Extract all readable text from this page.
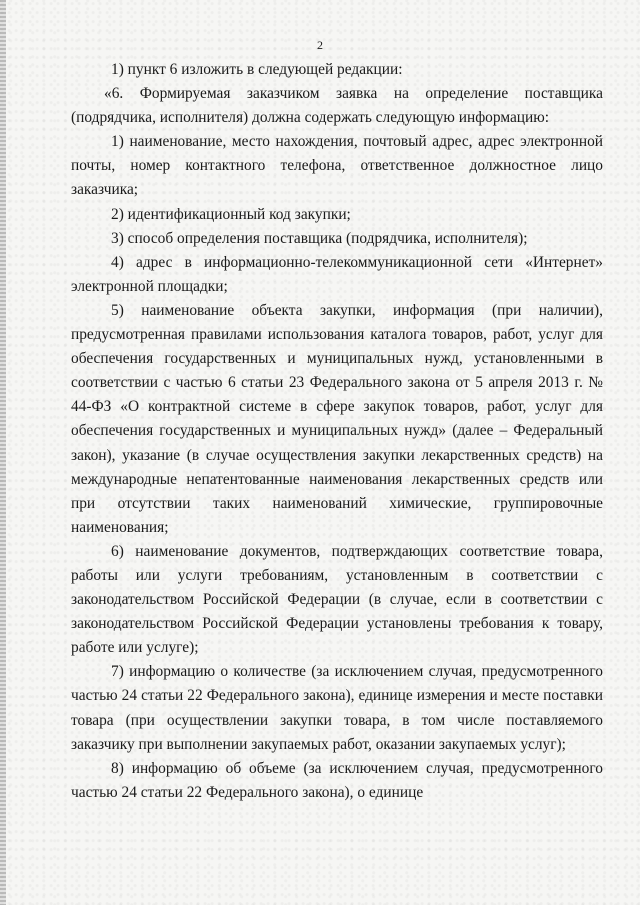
2

1) пункт 6 изложить в следующей редакции:

«6. Формируемая заказчиком заявка на определение поставщика (подрядчика, исполнителя) должна содержать следующую информацию:

1) наименование, место нахождения, почтовый адрес, адрес электронной почты, номер контактного телефона, ответственное должностное лицо заказчика;

2) идентификационный код закупки;

3) способ определения поставщика (подрядчика, исполнителя);

4) адрес в информационно-телекоммуникационной сети «Интернет» электронной площадки;

5) наименование объекта закупки, информация (при наличии), предусмотренная правилами использования каталога товаров, работ, услуг для обеспечения государственных и муниципальных нужд, установленными в соответствии с частью 6 статьи 23 Федерального закона от 5 апреля 2013 г. № 44-ФЗ «О контрактной системе в сфере закупок товаров, работ, услуг для обеспечения государственных и муниципальных нужд» (далее – Федеральный закон), указание (в случае осуществления закупки лекарственных средств) на международные непатентованные наименования лекарственных средств или при отсутствии таких наименований химические, группировочные наименования;

6) наименование документов, подтверждающих соответствие товара, работы или услуги требованиям, установленным в соответствии с законодательством Российской Федерации (в случае, если в соответствии с законодательством Российской Федерации установлены требования к товару, работе или услуге);

7) информацию о количестве (за исключением случая, предусмотренного частью 24 статьи 22 Федерального закона), единице измерения и месте поставки товара (при осуществлении закупки товара, в том числе поставляемого заказчику при выполнении закупаемых работ, оказании закупаемых услуг);

8) информацию об объеме (за исключением случая, предусмотренного частью 24 статьи 22 Федерального закона), о единице
